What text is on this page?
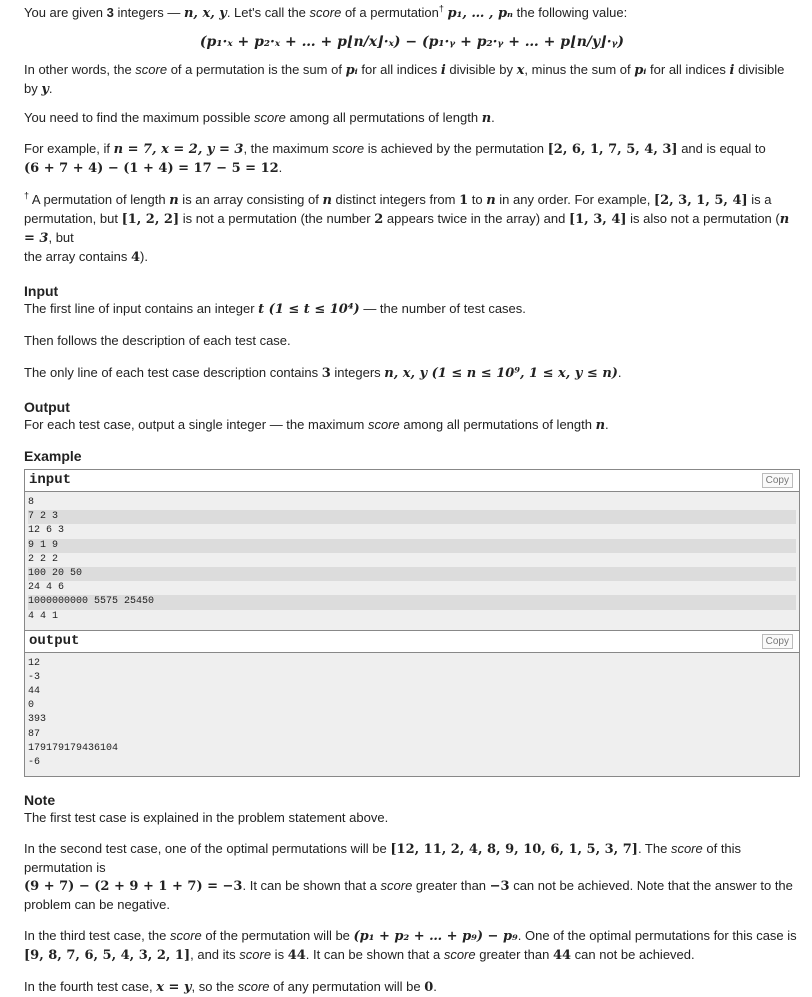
You are given 3 integers — n, x, y. Let's call the score of a permutation† p₁, … , pₙ the following value:

(p₁·ₓ + p₂·ₓ + … + p⌊n/x⌋·ₓ) − (p₁·ᵧ + p₂·ᵧ + … + p⌊n/y⌋·ᵧ)

In other words, the score of a permutation is the sum of pᵢ for all indices i divisible by x, minus the sum of pᵢ for all indices i divisible by y.

You need to find the maximum possible score among all permutations of length n.

For example, if n = 7, x = 2, y = 3, the maximum score is achieved by the permutation [2, 6, 1, 7, 5, 4, 3] and is equal to
(6 + 7 + 4) − (1 + 4) = 17 − 5 = 12.

† A permutation of length n is an array consisting of n distinct integers from 1 to n in any order. For example, [2, 3, 1, 5, 4] is a
permutation, but [1, 2, 2] is not a permutation (the number 2 appears twice in the array) and [1, 3, 4] is also not a permutation (n = 3, but
the array contains 4).

Input

The first line of input contains an integer t (1 ≤ t ≤ 10⁴) — the number of test cases.

Then follows the description of each test case.

The only line of each test case description contains 3 integers n, x, y (1 ≤ n ≤ 10⁹, 1 ≤ x, y ≤ n).

Output

For each test case, output a single integer — the maximum score among all permutations of length n.

Example

input	Copy
8
7 2 3
12 6 3
9 1 9
2 2 2
100 20 50
24 4 6
1000000000 5575 25450
4 4 1
output	Copy
12
-3
44
0
393
87
179179179436104
-6

Note

The first test case is explained in the problem statement above.

In the second test case, one of the optimal permutations will be [12, 11, 2, 4, 8, 9, 10, 6, 1, 5, 3, 7]. The score of this permutation is
(9 + 7) − (2 + 9 + 1 + 7) = −3. It can be shown that a score greater than −3 can not be achieved. Note that the answer to the
problem can be negative.

In the third test case, the score of the permutation will be (p₁ + p₂ + … + p₉) − p₉. One of the optimal permutations for this case is
[9, 8, 7, 6, 5, 4, 3, 2, 1], and its score is 44. It can be shown that a score greater than 44 can not be achieved.

In the fourth test case, x = y, so the score of any permutation will be 0.
